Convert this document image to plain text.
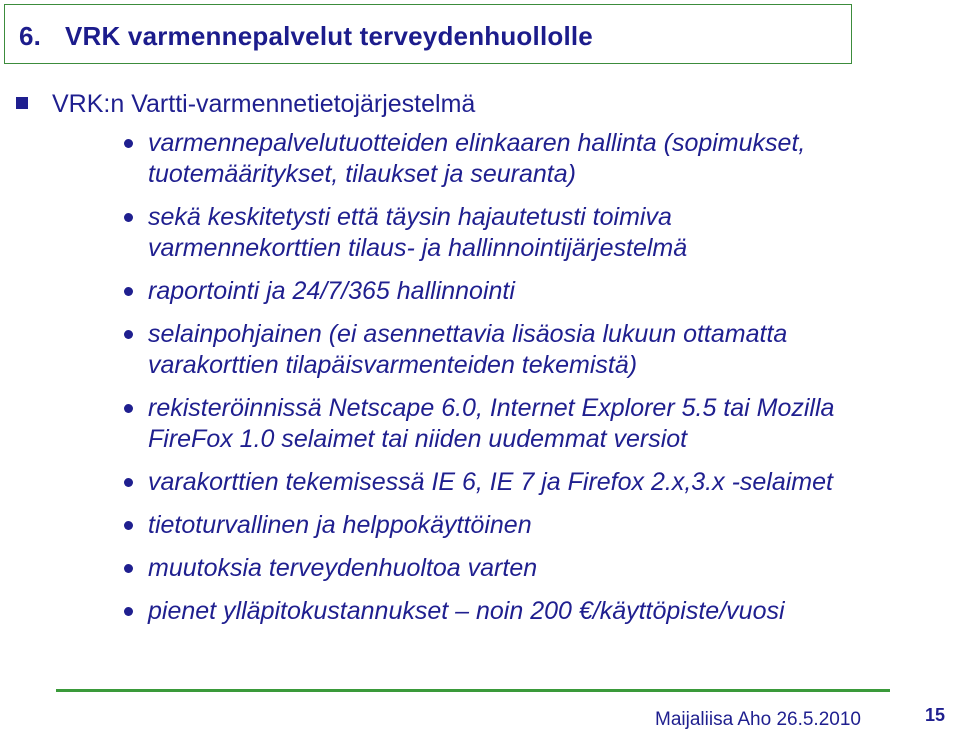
6. VRK varmennepalvelut terveydenhuollolle
VRK:n Vartti-varmennetietojärjestelmä
varmennepalvelutuotteiden elinkaaren hallinta (sopimukset,
tuotemääritykset, tilaukset ja seuranta)
sekä keskitetysti että täysin hajautetusti toimiva
varmennekorttien tilaus- ja hallinnointijärjestelmä
raportointi ja 24/7/365 hallinnointi
selainpohjainen (ei asennettavia lisäosia lukuun ottamatta
varakorttien tilapäisvarmenteiden tekemistä)
rekisteröinnissä Netscape 6.0, Internet Explorer 5.5 tai Mozilla
FireFox 1.0 selaimet tai niiden uudemmat versiot
varakorttien tekemisessä IE 6, IE 7 ja Firefox 2.x,3.x -selaimet
tietoturvallinen ja helppokäyttöinen
muutoksia terveydenhuoltoa varten
pienet ylläpitokustannukset – noin 200 €/käyttöpiste/vuosi
Maijaliisa Aho 26.5.2010	15
